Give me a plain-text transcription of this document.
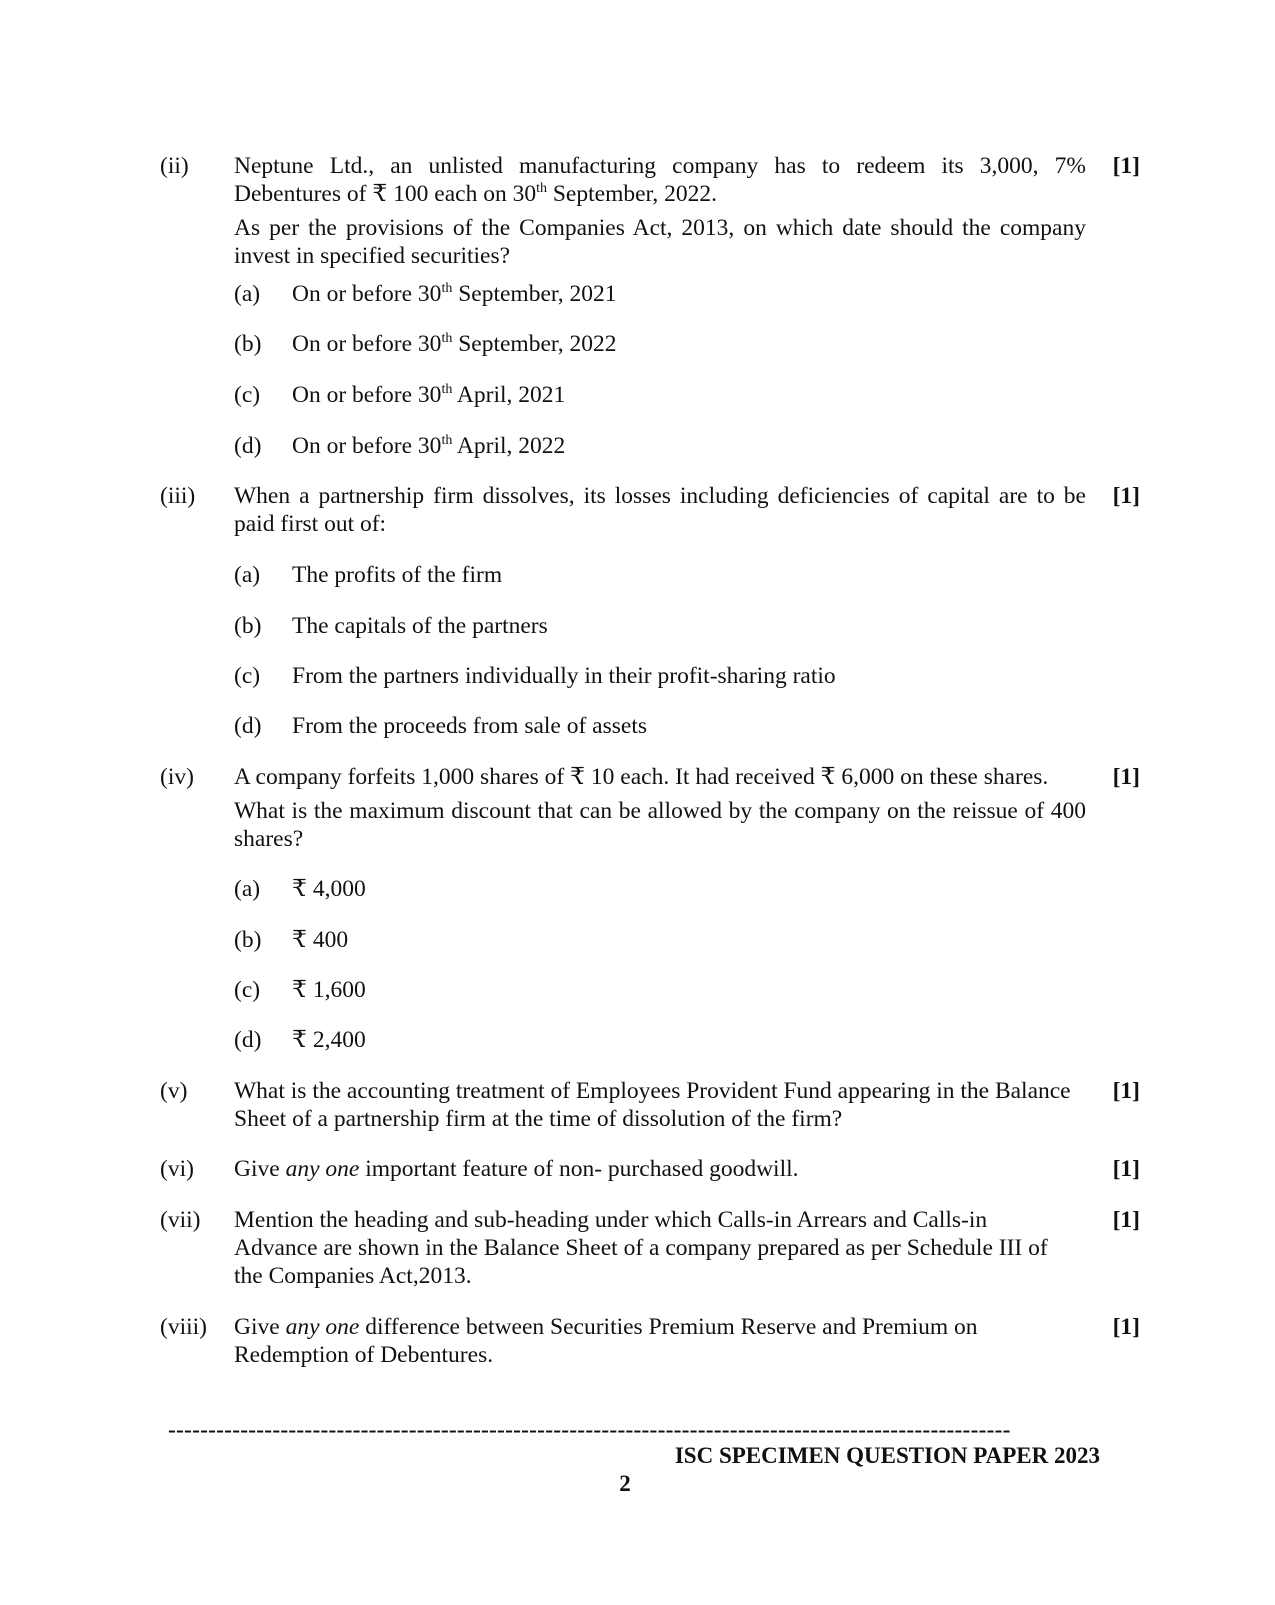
(ii) Neptune Ltd., an unlisted manufacturing company has to redeem its 3,000, 7% Debentures of ₹ 100 each on 30th September, 2022.
As per the provisions of the Companies Act, 2013, on which date should the company invest in specified securities?
[1]
(a) On or before 30th September, 2021
(b) On or before 30th September, 2022
(c) On or before 30th April, 2021
(d) On or before 30th April, 2022
(iii) When a partnership firm dissolves, its losses including deficiencies of capital are to be paid first out of:
[1]
(a) The profits of the firm
(b) The capitals of the partners
(c) From the partners individually in their profit-sharing ratio
(d) From the proceeds from sale of assets
(iv) A company forfeits 1,000 shares of ₹ 10 each. It had received ₹ 6,000 on these shares.
What is the maximum discount that can be allowed by the company on the reissue of 400 shares?
[1]
(a) ₹ 4,000
(b) ₹ 400
(c) ₹ 1,600
(d) ₹ 2,400
(v) What is the accounting treatment of Employees Provident Fund appearing in the Balance Sheet of a partnership firm at the time of dissolution of the firm?
[1]
(vi) Give any one important feature of non- purchased goodwill.	[1]
(vii) Mention the heading and sub-heading under which Calls-in Arrears and Calls-in Advance are shown in the Balance Sheet of a company prepared as per Schedule III of the Companies Act,2013.
[1]
(viii) Give any one difference between Securities Premium Reserve and Premium on Redemption of Debentures.
[1]
---------------------------------------------------------------------------------------------------------
ISC SPECIMEN QUESTION PAPER 2023
2
